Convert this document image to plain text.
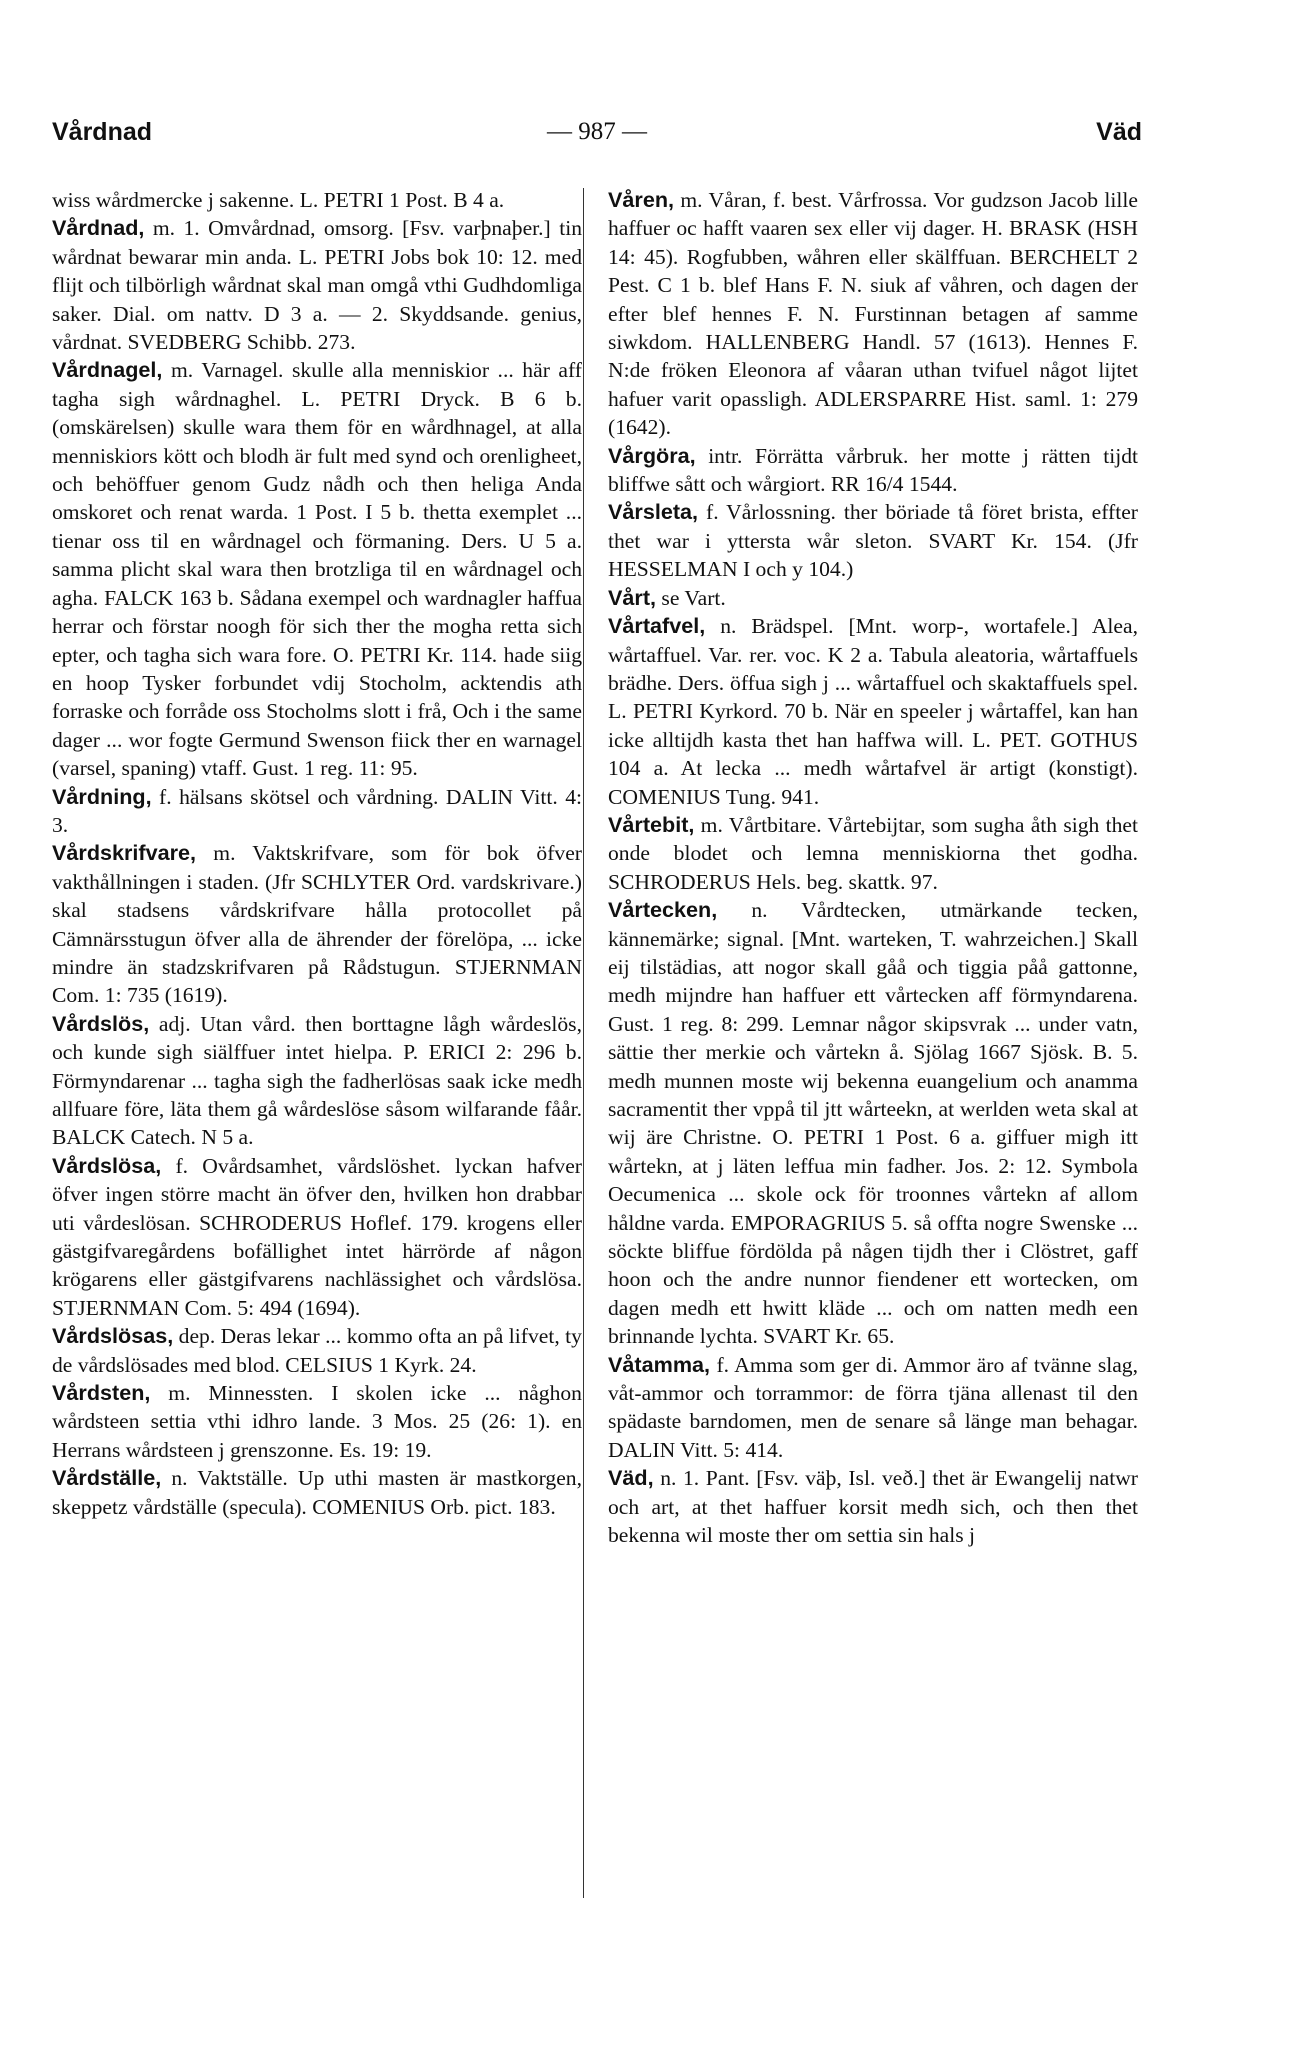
Vårdnad	— 987 —	Väd

wiss wårdmercke j sakenne. L. PETRI 1 Post. B 4 a.

Vårdnad, m. 1. Omvårdnad, omsorg. [Fsv. varþnaþer.] tin wårdnat bewarar min anda. L. PETRI Jobs bok 10: 12. med flijt och tilbörligh wårdnat skal man omgå vthi Gudhdomliga saker. Dial. om nattv. D 3 a. — 2. Skyddsande. genius, vårdnat. SVEDBERG Schibb. 273.

Vårdnagel, m. Varnagel. skulle alla menniskior ... här aff tagha sigh wårdnaghel. L. PETRI Dryck. B 6 b. (omskärelsen) skulle wara them för en wårdhnagel, at alla menniskiors kött och blodh är fult med synd och orenligheet, och behöffuer genom Gudz nådh och then heliga Anda omskoret och renat warda. 1 Post. I 5 b. thetta exemplet ... tienar oss til en wårdnagel och förmaning. Ders. U 5 a. samma plicht skal wara then brotzliga til en wårdnagel och agha. FALCK 163 b. Sådana exempel och wardnagler haffua herrar och förstar noogh för sich ther the mogha retta sich epter, och tagha sich wara fore. O. PETRI Kr. 114. hade siig en hoop Tysker forbundet vdij Stocholm, acktendis ath forraske och forråde oss Stocholms slott i frå, Och i the same dager ... wor fogte Germund Swenson fiick ther en warnagel (varsel, spaning) vtaff. Gust. 1 reg. 11: 95.

Vårdning, f. hälsans skötsel och vårdning. DALIN Vitt. 4: 3.

Vårdskrifvare, m. Vaktskrifvare, som för bok öfver vakthållningen i staden. (Jfr SCHLYTER Ord. vardskrivare.) skal stadsens vårdskrifvare hålla protocollet på Cämnärsstugun öfver alla de ährender der förelöpa, ... icke mindre än stadzskrifvaren på Rådstugun. STJERNMAN Com. 1: 735 (1619).

Vårdslös, adj. Utan vård. then borttagne lågh wårdeslös, och kunde sigh siälffuer intet hielpa. P. ERICI 2: 296 b. Förmyndarenar ... tagha sigh the fadherlösas saak icke medh allfuare före, läta them gå wårdeslöse såsom wilfarande fåår. BALCK Catech. N 5 a.

Vårdslösa, f. Ovårdsamhet, vårdslöshet. lyckan hafver öfver ingen större macht än öfver den, hvilken hon drabbar uti vårdeslösan. SCHRODERUS Hoflef. 179. krogens eller gästgifvaregårdens bofällighet intet härrörde af någon krögarens eller gästgifvarens nachlässighet och vårdslösa. STJERNMAN Com. 5: 494 (1694).

Vårdslösas, dep. Deras lekar ... kommo ofta an på lifvet, ty de vårdslösades med blod. CELSIUS 1 Kyrk. 24.

Vårdsten, m. Minnessten. I skolen icke ... någhon wårdsteen settia vthi idhro lande. 3 Mos. 25 (26: 1). en Herrans wårdsteen j grenszonne. Es. 19: 19.

Vårdställe, n. Vaktställe. Up uthi masten är mastkorgen, skeppetz vårdställe (specula). COMENIUS Orb. pict. 183.

Våren, m. Våran, f. best. Vårfrossa. Vor gudzson Jacob lille haffuer oc hafft vaaren sex eller vij dager. H. BRASK (HSH 14: 45). Rogfubben, wåhren eller skälffuan. BERCHELT 2 Pest. C 1 b. blef Hans F. N. siuk af våhren, och dagen der efter blef hennes F. N. Furstinnan betagen af samme siwkdom. HALLENBERG Handl. 57 (1613). Hennes F. N:de fröken Eleonora af våaran uthan tvifuel något lijtet hafuer varit opassligh. ADLERSPARRE Hist. saml. 1: 279 (1642).

Vårgöra, intr. Förrätta vårbruk. her motte j rätten tijdt bliffwe sått och wårgiort. RR 16/4 1544.

Vårsleta, f. Vårlossning. ther böriade tå föret brista, effter thet war i yttersta wår sleton. SVART Kr. 154. (Jfr HESSELMAN I och y 104.)

Vårt, se Vart.

Vårtafvel, n. Brädspel. [Mnt. worp-, wortafele.] Alea, wårtaffuel. Var. rer. voc. K 2 a. Tabula aleatoria, wårtaffuels brädhe. Ders. öffua sigh j ... wårtaffuel och skaktaffuels spel. L. PETRI Kyrkord. 70 b. När en speeler j wårtaffel, kan han icke alltijdh kasta thet han haffwa will. L. PET. GOTHUS 104 a. At lecka ... medh wårtafvel är artigt (konstigt). COMENIUS Tung. 941.

Vårtebit, m. Vårtbitare. Vårtebijtar, som sugha åth sigh thet onde blodet och lemna menniskiorna thet godha. SCHRODERUS Hels. beg. skattk. 97.

Vårtecken, n. Vårdtecken, utmärkande tecken, kännemärke; signal. [Mnt. warteken, T. wahrzeichen.] Skall eij tilstädias, att nogor skall gåå och tiggia påå gattonne, medh mijndre han haffuer ett vårtecken aff förmyndarena. Gust. 1 reg. 8: 299. Lemnar någor skipsvrak ... under vatn, sättie ther merkie och vårtekn å. Sjölag 1667 Sjösk. B. 5. medh munnen moste wij bekenna euangelium och anamma sacramentit ther vppå til jtt wårteekn, at werlden weta skal at wij äre Christne. O. PETRI 1 Post. 6 a. giffuer migh itt wårtekn, at j läten leffua min fadher. Jos. 2: 12. Symbola Oecumenica ... skole ock för troonnes vårtekn af allom håldne varda. EMPORAGRIUS 5. så offta nogre Swenske ... söckte bliffue fördölda på någen tijdh ther i Clöstret, gaff hoon och the andre nunnor fiendener ett wortecken, om dagen medh ett hwitt kläde ... och om natten medh een brinnande lychta. SVART Kr. 65.

Våtamma, f. Amma som ger di. Ammor äro af tvänne slag, våt-ammor och torrammor: de förra tjäna allenast til den spädaste barndomen, men de senare så länge man behagar. DALIN Vitt. 5: 414.

Väd, n. 1. Pant. [Fsv. väþ, Isl. veð.] thet är Ewangelij natwr och art, at thet haffuer korsit medh sich, och then thet bekenna wil moste ther om settia sin hals j
